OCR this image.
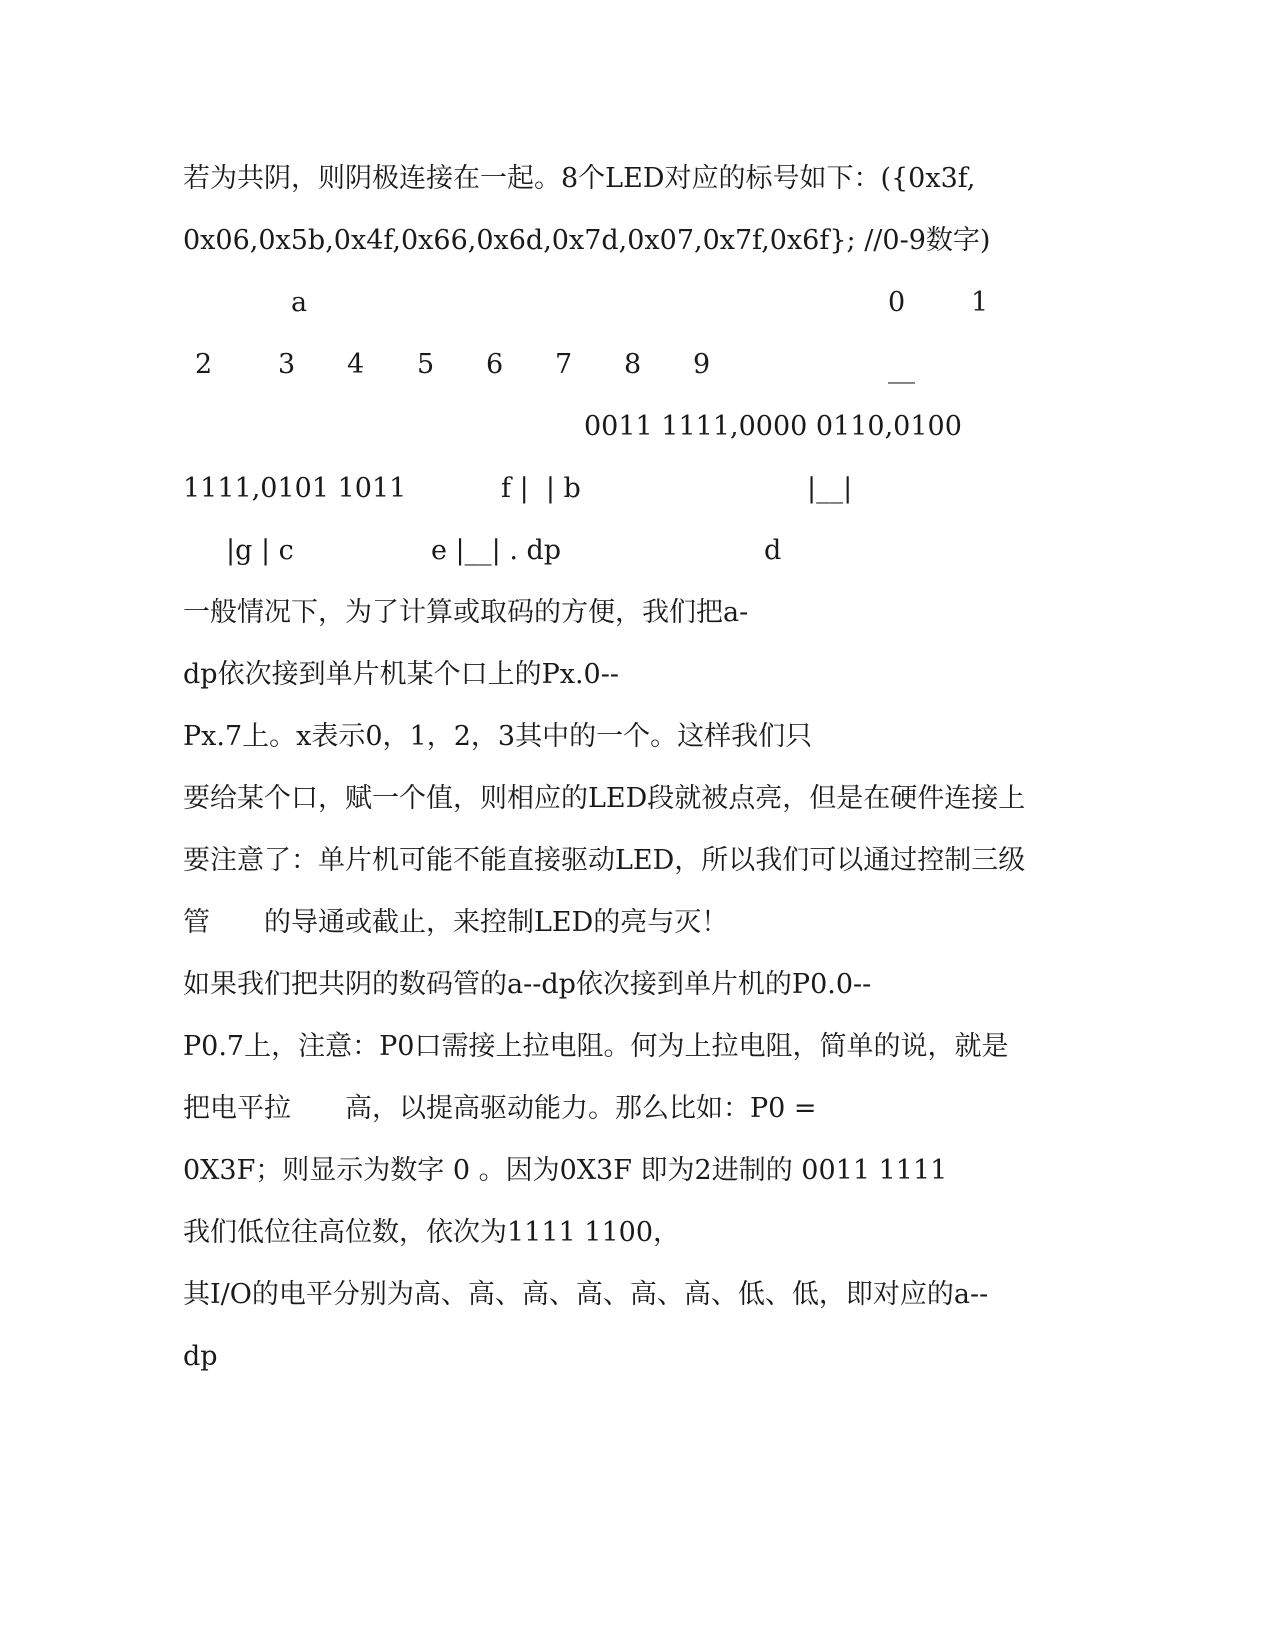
若为共阴，则阴极连接在一起。8个LED对应的标号如下：({0x3f,
0x06,0x5b,0x4f,0x66,0x6d,0x7d,0x07,0x7f,0x6f}; //0-9数字)
a	0 1
2 3 4 5 6 7 8 9	__
0011 1111,0000 0110,0100
1111,0101 1011	f |  | b	|__|
|g | c	e |__| . dp	d
一般情况下，为了计算或取码的方便，我们把a-
dp依次接到单片机某个口上的Px.0--
Px.7上。x表示0，1，2，3其中的一个。这样我们只
要给某个口，赋一个值，则相应的LED段就被点亮，但是在硬件连接上
要注意了：单片机可能不能直接驱动LED，所以我们可以通过控制三级
管　　的导通或截止，来控制LED的亮与灭！
如果我们把共阴的数码管的a--dp依次接到单片机的P0.0--
P0.7上，注意：P0口需接上拉电阻。何为上拉电阻，简单的说，就是
把电平拉　　高，以提高驱动能力。那么比如：P0 =
0X3F；则显示为数字 0 。因为0X3F 即为2进制的 0011 1111
我们低位往高位数，依次为1111 1100，
其I/O的电平分别为高、高、高、高、高、高、低、低，即对应的a--
dp
